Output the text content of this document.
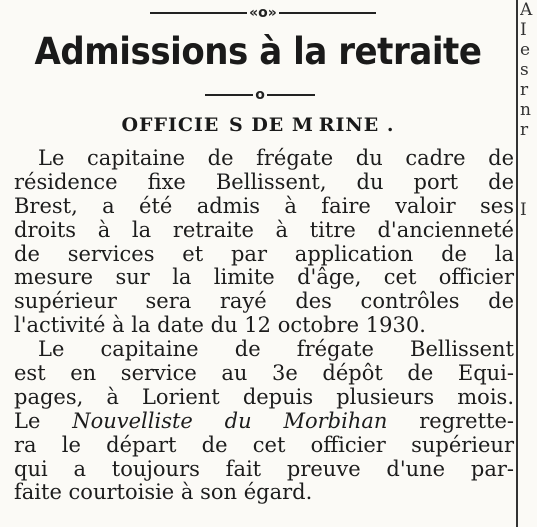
A
I
e
s
r
n
r
I
«o»
Admissions à la retraite
o
OFFICIE  S DE M RINE .
Le capitaine de frégate du cadre de
résidence fixe Bellissent, du port de
Brest, a été admis à faire valoir ses
droits à la retraite à titre d'ancienneté
de services et par application de la
mesure sur la limite d'âge, cet officier
supérieur sera rayé des contrôles de
l'activité à la date du 12 octobre 1930.
Le capitaine de frégate Bellissent
est en service au 3e dépôt de Equi-
pages, à Lorient depuis plusieurs mois.
Le Nouvelliste du Morbihan regrette-
ra le départ de cet officier supérieur
qui a toujours fait preuve d'une par-
faite courtoisie à son égard.
